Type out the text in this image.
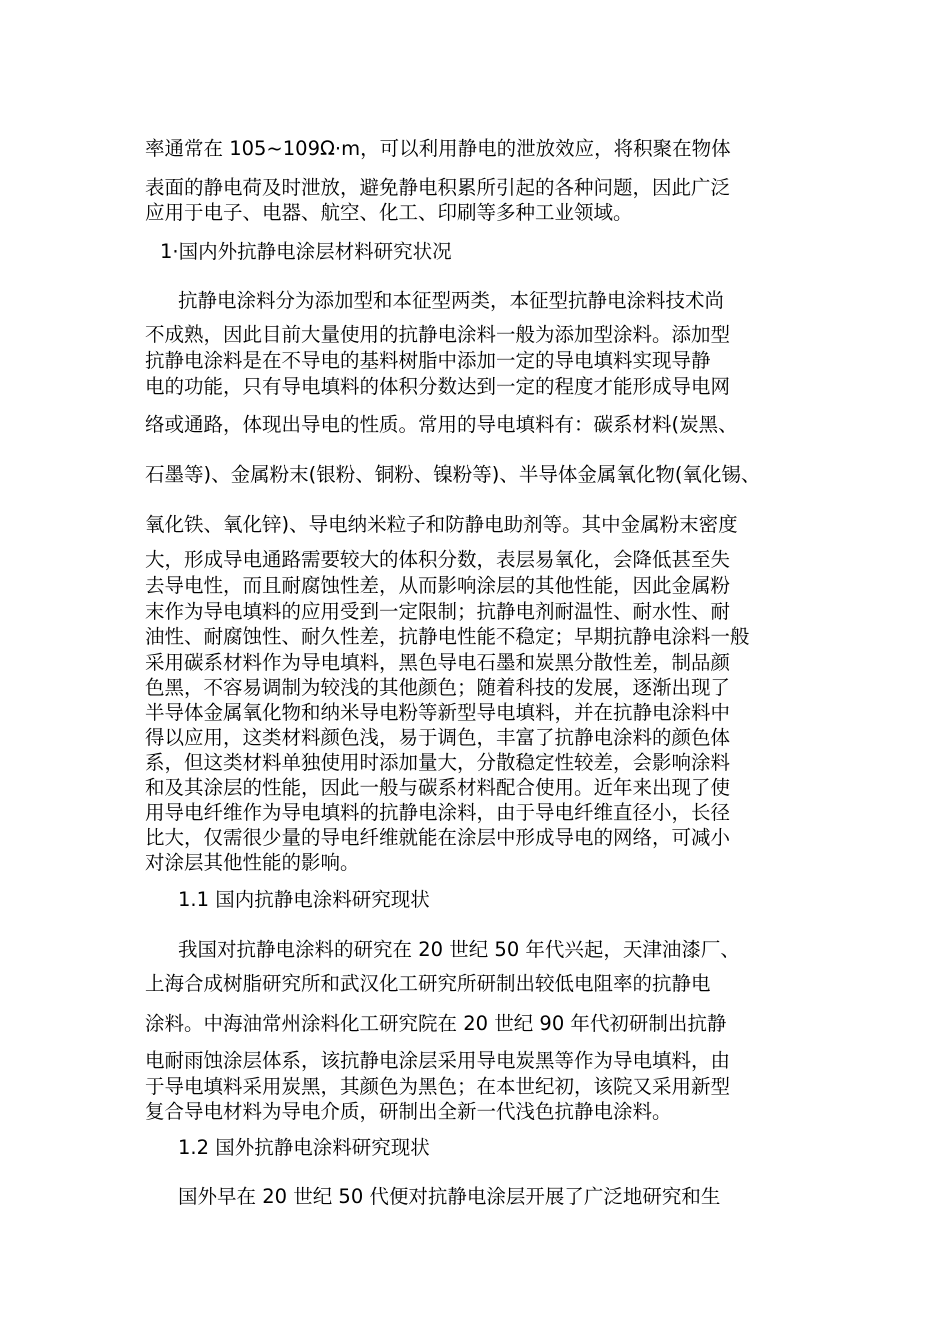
率通常在 105~109Ω·m，可以利用静电的泄放效应，将积聚在物体
表面的静电荷及时泄放，避免静电积累所引起的各种问题，因此广泛
应用于电子、电器、航空、化工、印刷等多种工业领域。
1·国内外抗静电涂层材料研究状况
抗静电涂料分为添加型和本征型两类，本征型抗静电涂料技术尚
不成熟，因此目前大量使用的抗静电涂料一般为添加型涂料。添加型
抗静电涂料是在不导电的基料树脂中添加一定的导电填料实现导静
电的功能，只有导电填料的体积分数达到一定的程度才能形成导电网
络或通路，体现出导电的性质。常用的导电填料有：碳系材料(炭黑、
石墨等)、金属粉末(银粉、铜粉、镍粉等)、半导体金属氧化物(氧化锡、
氧化铁、氧化锌)、导电纳米粒子和防静电助剂等。其中金属粉末密度
大，形成导电通路需要较大的体积分数，表层易氧化，会降低甚至失
去导电性，而且耐腐蚀性差，从而影响涂层的其他性能，因此金属粉
末作为导电填料的应用受到一定限制；抗静电剂耐温性、耐水性、耐
油性、耐腐蚀性、耐久性差，抗静电性能不稳定；早期抗静电涂料一般
采用碳系材料作为导电填料，黑色导电石墨和炭黑分散性差，制品颜
色黑，不容易调制为较浅的其他颜色；随着科技的发展，逐渐出现了
半导体金属氧化物和纳米导电粉等新型导电填料，并在抗静电涂料中
得以应用，这类材料颜色浅，易于调色，丰富了抗静电涂料的颜色体
系，但这类材料单独使用时添加量大，分散稳定性较差，会影响涂料
和及其涂层的性能，因此一般与碳系材料配合使用。近年来出现了使
用导电纤维作为导电填料的抗静电涂料，由于导电纤维直径小，长径
比大，仅需很少量的导电纤维就能在涂层中形成导电的网络，可减小
对涂层其他性能的影响。
1.1 国内抗静电涂料研究现状
我国对抗静电涂料的研究在 20 世纪 50 年代兴起，天津油漆厂、
上海合成树脂研究所和武汉化工研究所研制出较低电阻率的抗静电
涂料。中海油常州涂料化工研究院在 20 世纪 90 年代初研制出抗静
电耐雨蚀涂层体系，该抗静电涂层采用导电炭黑等作为导电填料，由
于导电填料采用炭黑，其颜色为黑色；在本世纪初，该院又采用新型
复合导电材料为导电介质，研制出全新一代浅色抗静电涂料。
1.2 国外抗静电涂料研究现状
国外早在 20 世纪 50 代便对抗静电涂层开展了广泛地研究和生
